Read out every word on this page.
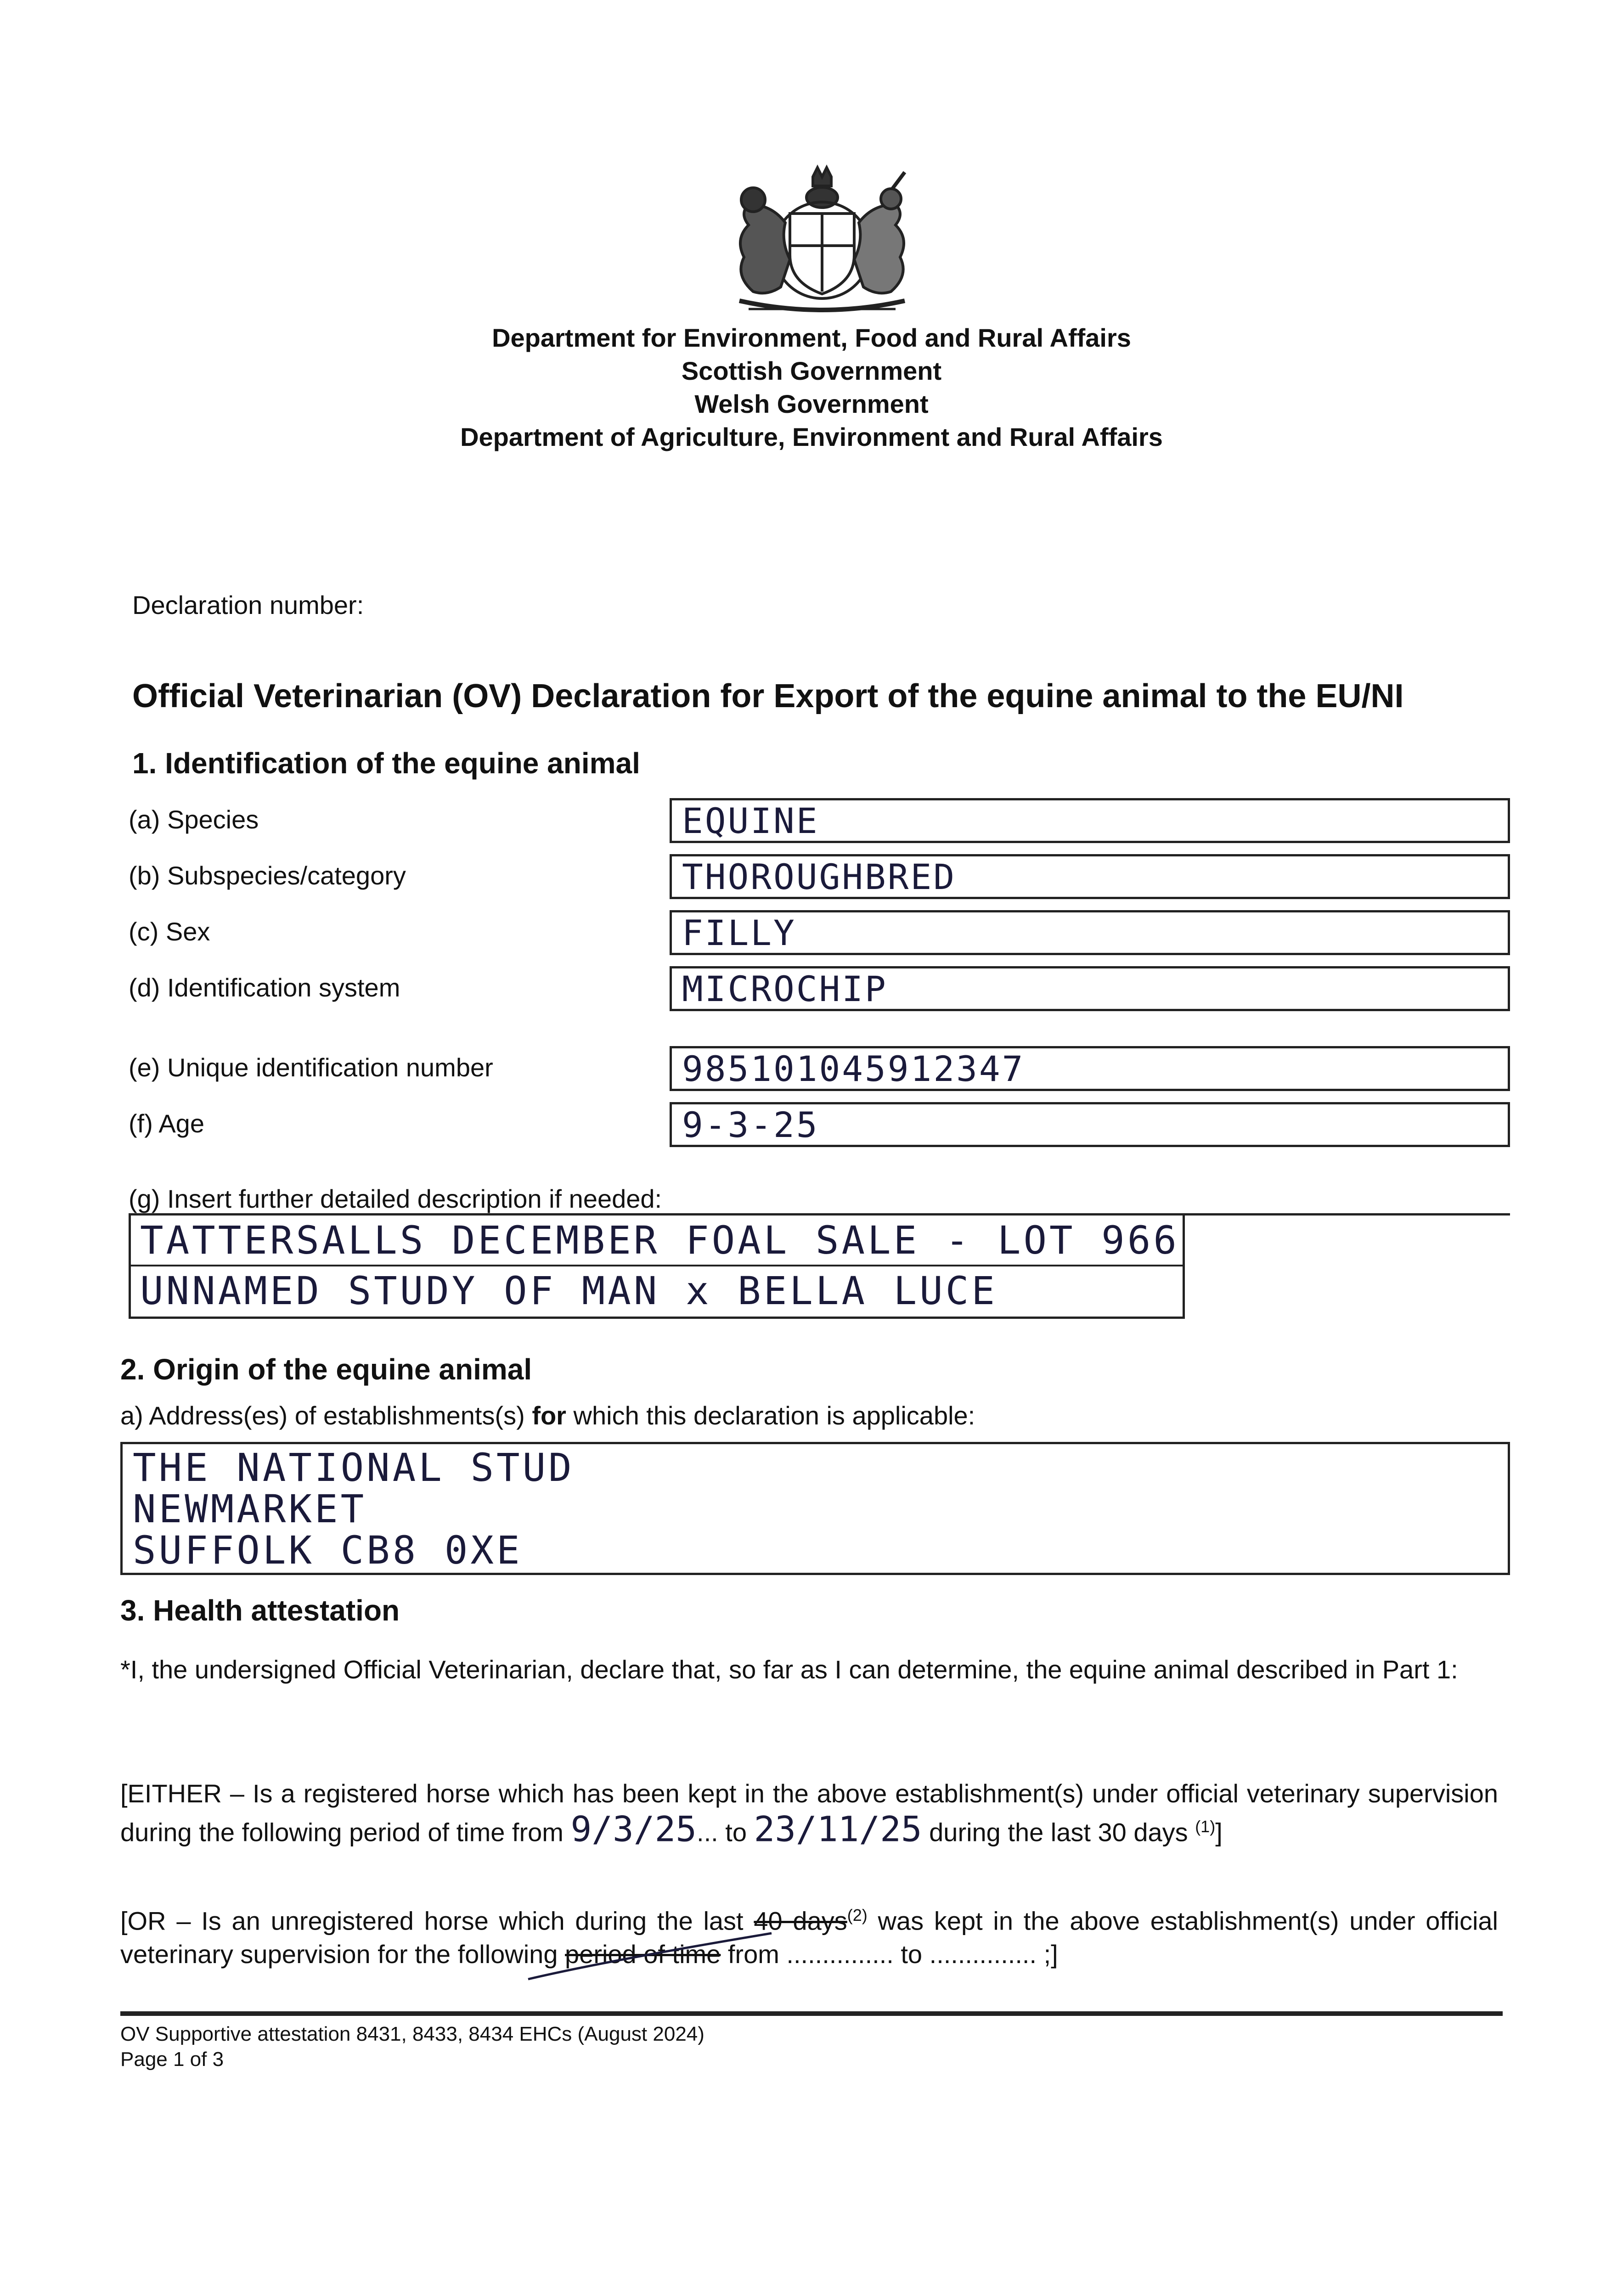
Department for Environment, Food and Rural Affairs
Scottish Government
Welsh Government
Department of Agriculture, Environment and Rural Affairs
Declaration number:
Official Veterinarian (OV) Declaration for Export of the equine animal to the EU/NI
1. Identification of the equine animal
(a) Species	EQUINE
(b) Subspecies/category	THOROUGHBRED
(c) Sex	FILLY
(d) Identification system	MICROCHIP
(e) Unique identification number	985101045912347
(f) Age	9-3-25
(g) Insert further detailed description if needed:
TATTERSALLS DECEMBER FOAL SALE - LOT 966
UNNAMED STUDY OF MAN x BELLA LUCE
2. Origin of the equine animal
a) Address(es) of establishments(s) for which this declaration is applicable:
THE NATIONAL STUD
NEWMARKET
SUFFOLK CB8 0XE
3. Health attestation
*I, the undersigned Official Veterinarian, declare that, so far as I can determine, the equine animal described in Part 1:
[EITHER – Is a registered horse which has been kept in the above establishment(s) under official veterinary supervision during the following period of time from 9/3/25... to 23/11/25 during the last 30 days $^{(1)}$]
[OR – Is an unregistered horse which during the last 40 days$^{(2)}$ was kept in the above establishment(s) under official veterinary supervision for the following period of time from ............... to ............... ;]
OV Supportive attestation 8431, 8433, 8434 EHCs (August 2024)
Page 1 of 3
